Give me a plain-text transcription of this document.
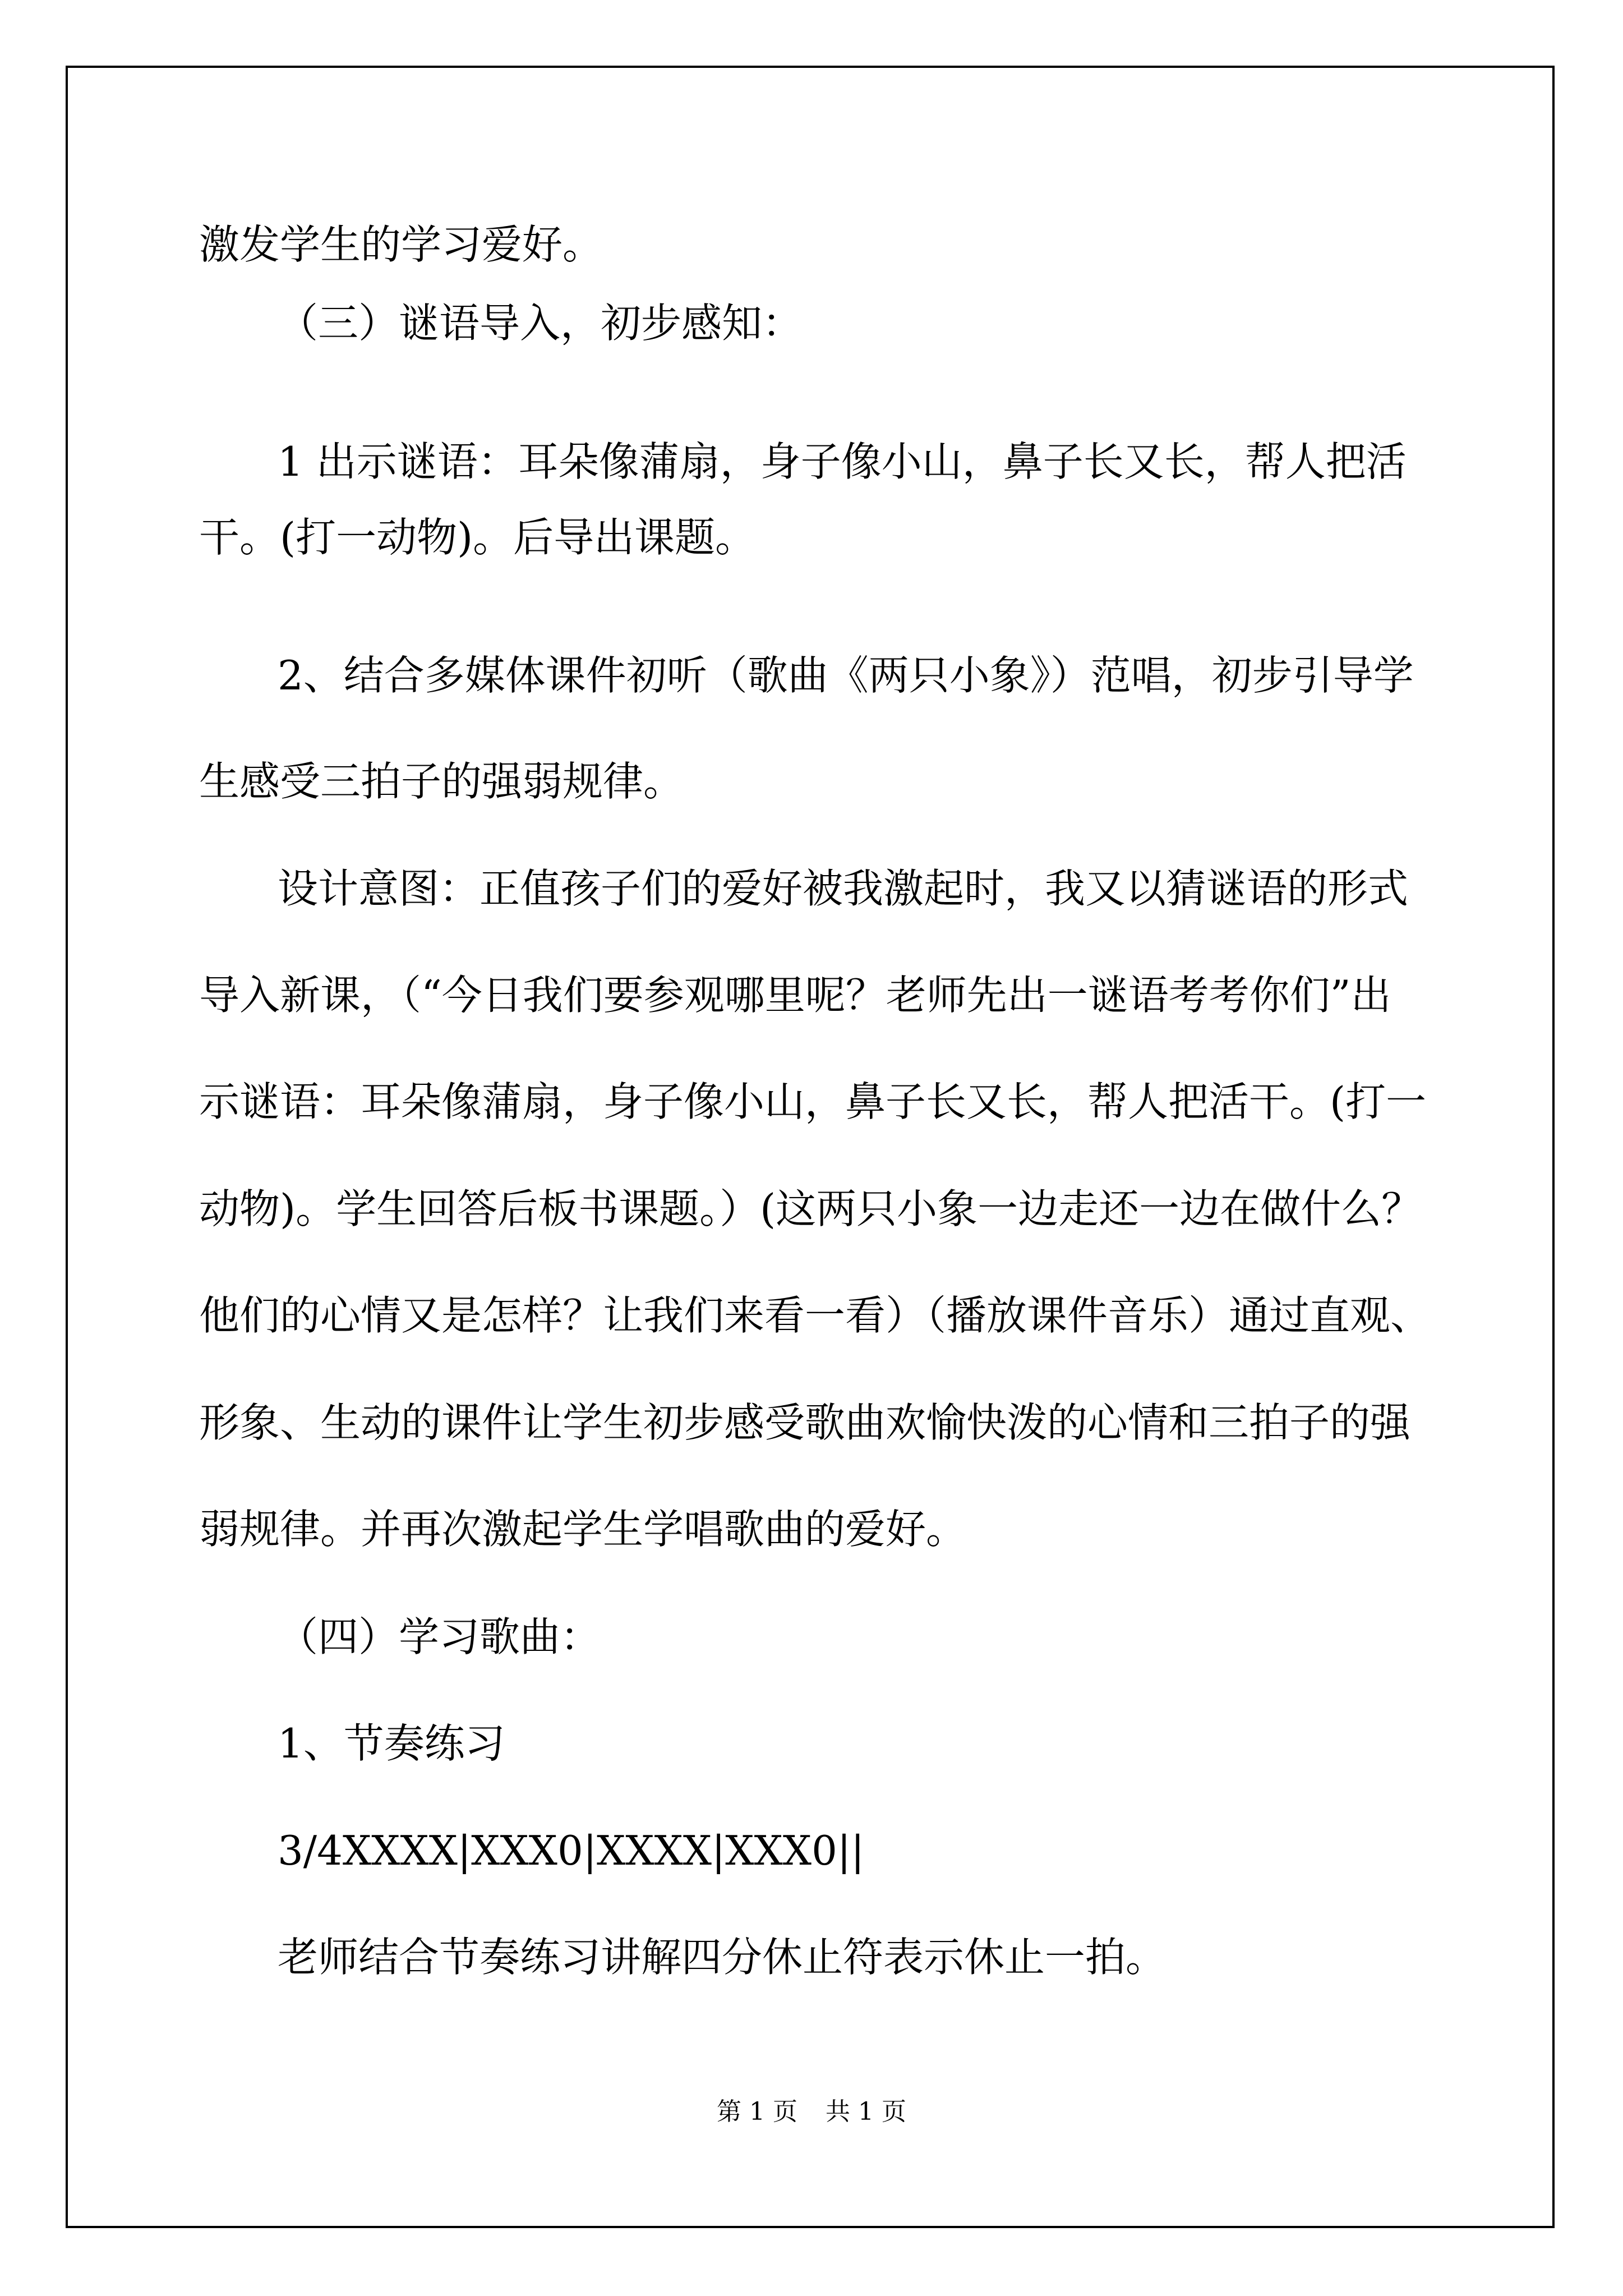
激发学生的学习爱好。
（三）谜语导入，初步感知：
1 出示谜语：耳朵像蒲扇，身子像小山，鼻子长又长，帮人把活
干。(打一动物)。后导出课题。
2、结合多媒体课件初听（歌曲《两只小象》）范唱，初步引导学
生感受三拍子的强弱规律。
设计意图：正值孩子们的爱好被我激起时，我又以猜谜语的形式
导入新课，（“今日我们要参观哪里呢？老师先出一谜语考考你们”出
示谜语：耳朵像蒲扇，身子像小山，鼻子长又长，帮人把活干。(打一
动物)。学生回答后板书课题。）(这两只小象一边走还一边在做什么？
他们的心情又是怎样？让我们来看一看）（播放课件音乐）通过直观、
形象、生动的课件让学生初步感受歌曲欢愉快泼的心情和三拍子的强
弱规律。并再次激起学生学唱歌曲的爱好。
（四）学习歌曲：
1、节奏练习
3/4XXXX|XXX0|XXXX|XXX0||
老师结合节奏练习讲解四分休止符表示休止一拍。
第 1 页 共 1 页
